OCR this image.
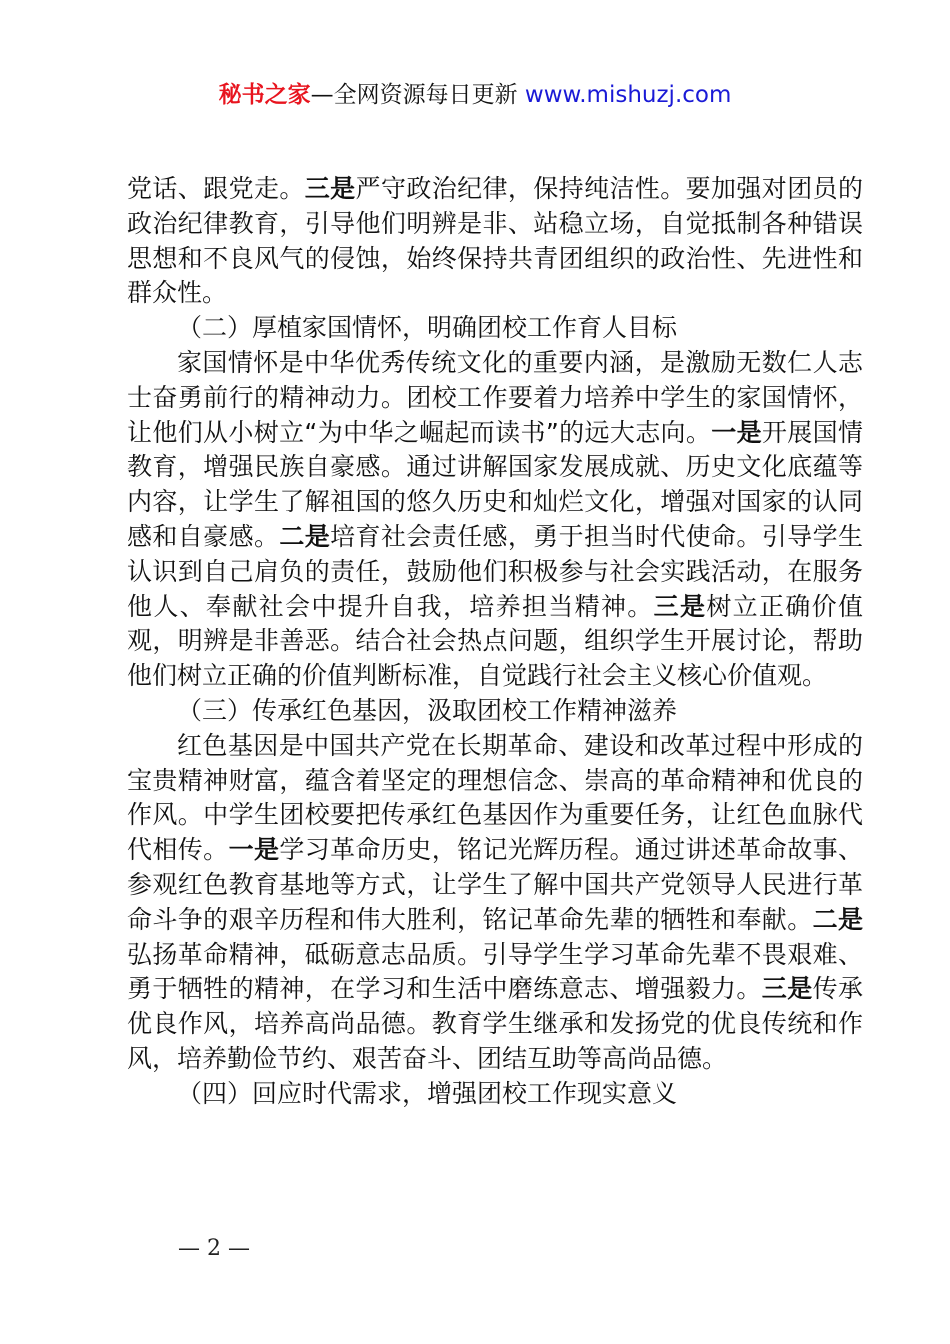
秘书之家—全网资源每日更新 www.mishuzj.com

党话、跟党走。三是严守政治纪律，保持纯洁性。要加强对团员的政治纪律教育，引导他们明辨是非、站稳立场，自觉抵制各种错误思想和不良风气的侵蚀，始终保持共青团组织的政治性、先进性和群众性。

（二）厚植家国情怀，明确团校工作育人目标

家国情怀是中华优秀传统文化的重要内涵，是激励无数仁人志士奋勇前行的精神动力。团校工作要着力培养中学生的家国情怀，让他们从小树立“为中华之崛起而读书”的远大志向。一是开展国情教育，增强民族自豪感。通过讲解国家发展成就、历史文化底蕴等内容，让学生了解祖国的悠久历史和灿烂文化，增强对国家的认同感和自豪感。二是培育社会责任感，勇于担当时代使命。引导学生认识到自己肩负的责任，鼓励他们积极参与社会实践活动，在服务他人、奉献社会中提升自我，培养担当精神。三是树立正确价值观，明辨是非善恶。结合社会热点问题，组织学生开展讨论，帮助他们树立正确的价值判断标准，自觉践行社会主义核心价值观。

（三）传承红色基因，汲取团校工作精神滋养

红色基因是中国共产党在长期革命、建设和改革过程中形成的宝贵精神财富，蕴含着坚定的理想信念、崇高的革命精神和优良的作风。中学生团校要把传承红色基因作为重要任务，让红色血脉代代相传。一是学习革命历史，铭记光辉历程。通过讲述革命故事、参观红色教育基地等方式，让学生了解中国共产党领导人民进行革命斗争的艰辛历程和伟大胜利，铭记革命先辈的牺牲和奉献。二是弘扬革命精神，砥砺意志品质。引导学生学习革命先辈不畏艰难、勇于牺牲的精神，在学习和生活中磨练意志、增强毅力。三是传承优良作风，培养高尚品德。教育学生继承和发扬党的优良传统和作风，培养勤俭节约、艰苦奋斗、团结互助等高尚品德。

（四）回应时代需求，增强团校工作现实意义

— 2 —
